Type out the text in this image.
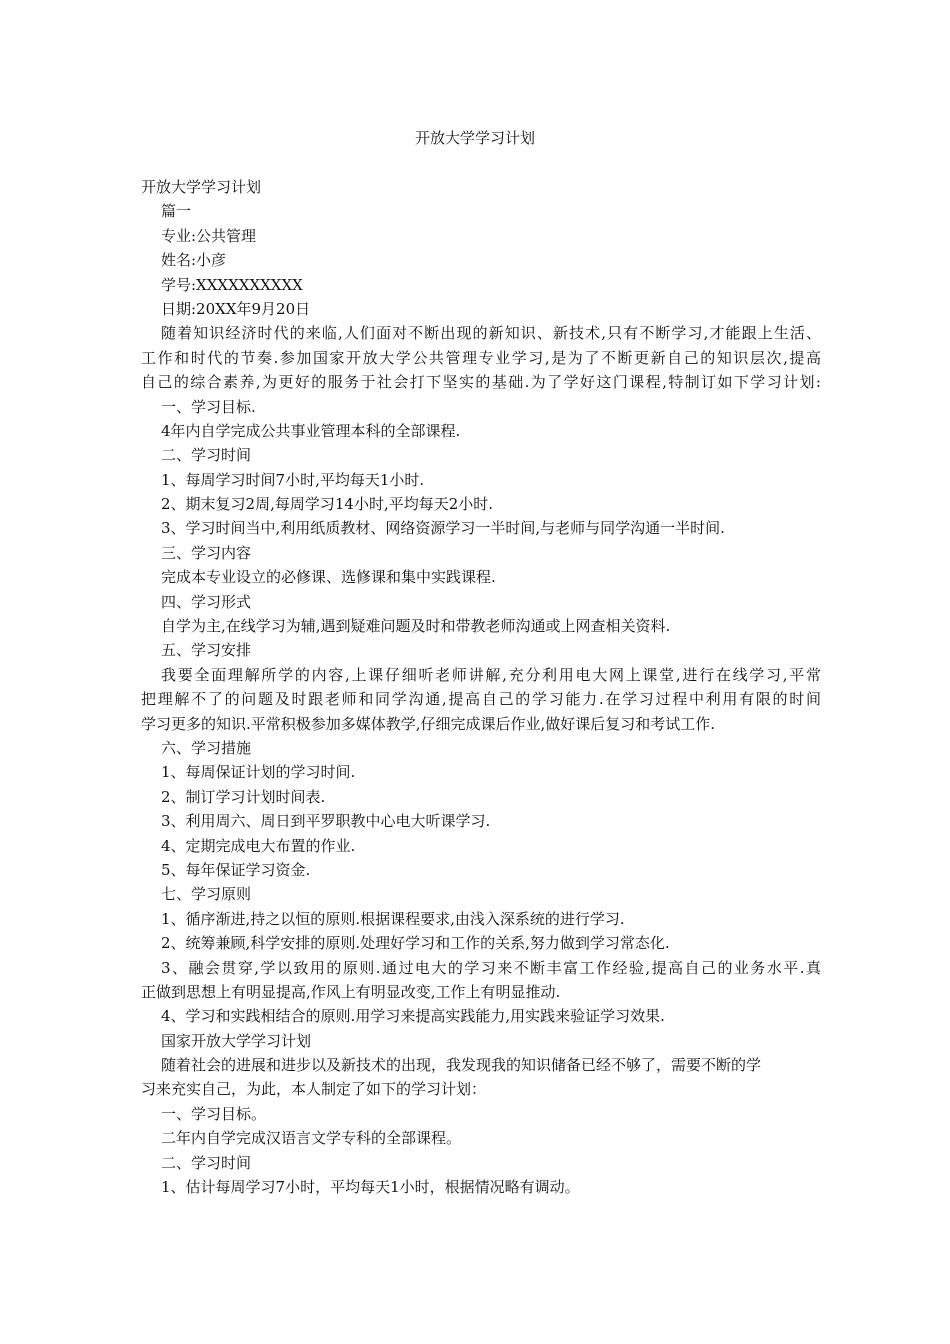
开放大学学习计划
开放大学学习计划
篇一
专业:公共管理
姓名:小彦
学号:XXXXXXXXXX
日期:20XX年9月20日
随着知识经济时代的来临,人们面对不断出现的新知识、新技术,只有不断学习,才能跟上生活、
工作和时代的节奏.参加国家开放大学公共管理专业学习,是为了不断更新自己的知识层次,提高
自己的综合素养,为更好的服务于社会打下坚实的基础.为了学好这门课程,特制订如下学习计划:
一、学习目标.
4年内自学完成公共事业管理本科的全部课程.
二、学习时间
1、每周学习时间7小时,平均每天1小时.
2、期末复习2周,每周学习14小时,平均每天2小时.
3、学习时间当中,利用纸质教材、网络资源学习一半时间,与老师与同学沟通一半时间.
三、学习内容
完成本专业设立的必修课、选修课和集中实践课程.
四、学习形式
自学为主,在线学习为辅,遇到疑难问题及时和带教老师沟通或上网查相关资料.
五、学习安排
我要全面理解所学的内容,上课仔细听老师讲解,充分利用电大网上课堂,进行在线学习,平常
把理解不了的问题及时跟老师和同学沟通,提高自己的学习能力.在学习过程中利用有限的时间
学习更多的知识.平常积极参加多媒体教学,仔细完成课后作业,做好课后复习和考试工作.
六、学习措施
1、每周保证计划的学习时间.
2、制订学习计划时间表.
3、利用周六、周日到平罗职教中心电大听课学习.
4、定期完成电大布置的作业.
5、每年保证学习资金.
七、学习原则
1、循序渐进,持之以恒的原则.根据课程要求,由浅入深系统的进行学习.
2、统筹兼顾,科学安排的原则.处理好学习和工作的关系,努力做到学习常态化.
3、融会贯穿,学以致用的原则.通过电大的学习来不断丰富工作经验,提高自己的业务水平.真
正做到思想上有明显提高,作风上有明显改变,工作上有明显推动.
4、学习和实践相结合的原则.用学习来提高实践能力,用实践来验证学习效果.
国家开放大学学习计划
随着社会的进展和进步以及新技术的出现，我发现我的知识储备已经不够了，需要不断的学
习来充实自己，为此，本人制定了如下的学习计划：
一、学习目标。
二年内自学完成汉语言文学专科的全部课程。
二、学习时间
1、估计每周学习7小时，平均每天1小时，根据情况略有调动。
